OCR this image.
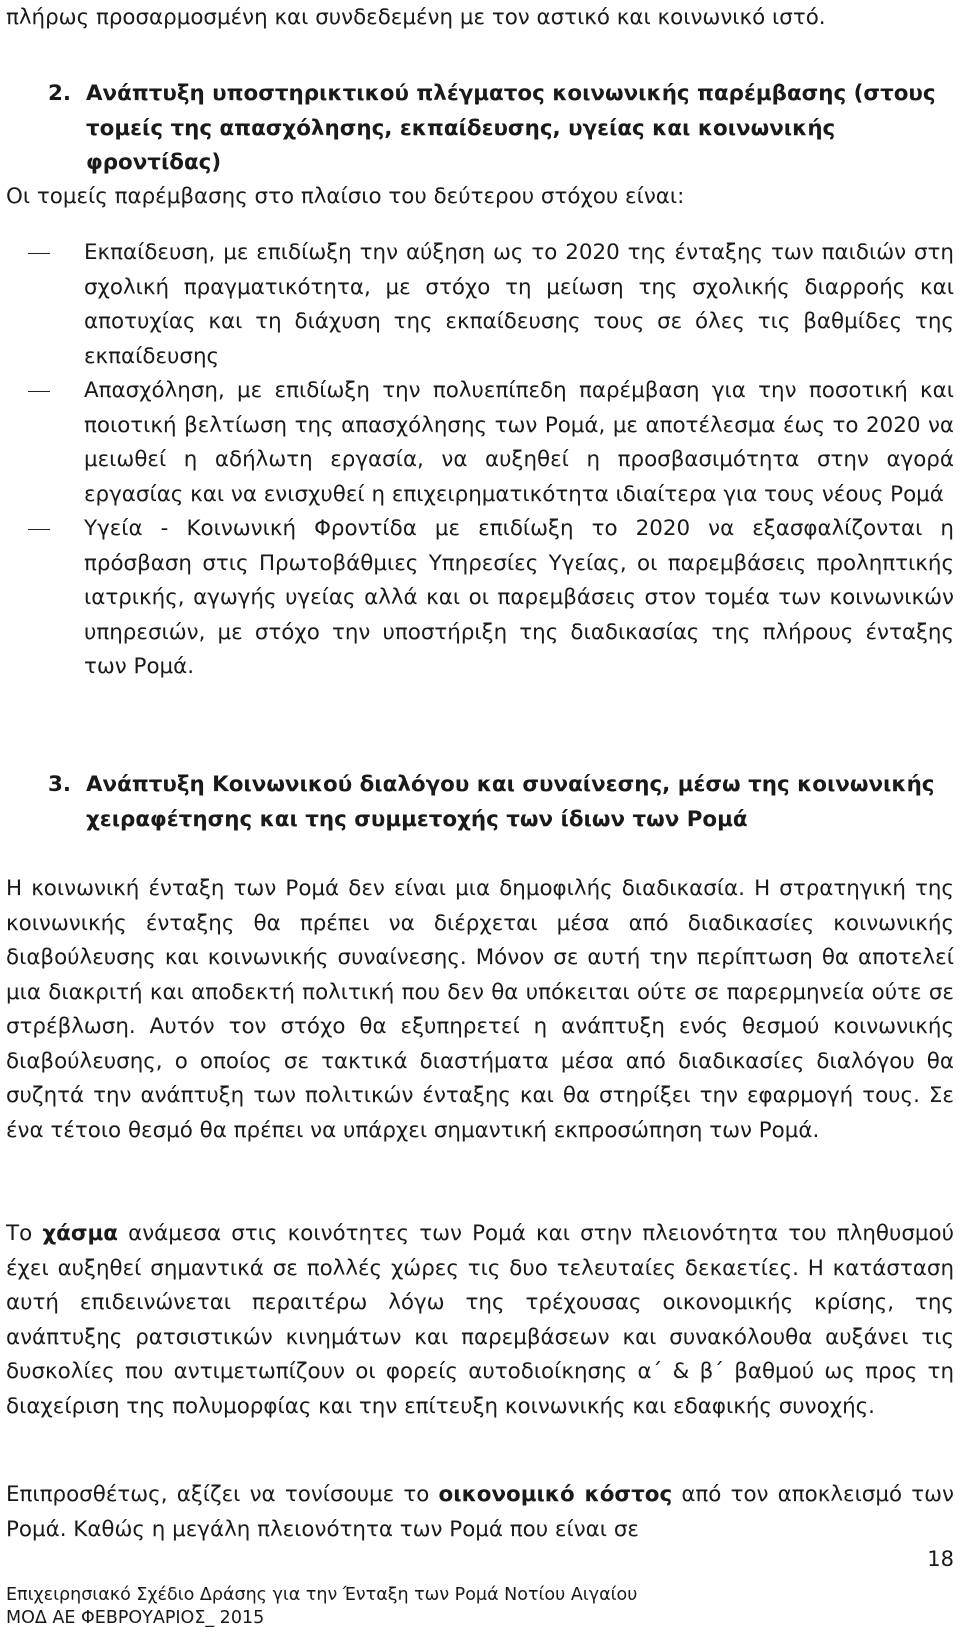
πλήρως προσαρμοσμένη και συνδεδεμένη με τον αστικό και κοινωνικό ιστό.
2. Ανάπτυξη υποστηρικτικού πλέγματος κοινωνικής παρέμβασης (στους τομείς της απασχόλησης, εκπαίδευσης, υγείας και κοινωνικής φροντίδας)
Οι τομείς παρέμβασης στο πλαίσιο του δεύτερου στόχου είναι:
Εκπαίδευση, με επιδίωξη την αύξηση ως το 2020 της ένταξης των παιδιών στη σχολική πραγματικότητα, με στόχο τη μείωση της σχολικής διαρροής και αποτυχίας και τη διάχυση της εκπαίδευσης τους σε όλες τις βαθμίδες της εκπαίδευσης
Απασχόληση, με επιδίωξη την πολυεπίπεδη παρέμβαση για την ποσοτική και ποιοτική βελτίωση της απασχόλησης των Ρομά, με αποτέλεσμα έως το 2020 να μειωθεί η αδήλωτη εργασία, να αυξηθεί η προσβασιμότητα στην αγορά εργασίας και να ενισχυθεί η επιχειρηματικότητα ιδιαίτερα για τους νέους Ρομά
Υγεία - Κοινωνική Φροντίδα με επιδίωξη το 2020 να εξασφαλίζονται η πρόσβαση στις Πρωτοβάθμιες Υπηρεσίες Υγείας, οι παρεμβάσεις προληπτικής ιατρικής, αγωγής υγείας αλλά και οι παρεμβάσεις στον τομέα των κοινωνικών υπηρεσιών, με στόχο την υποστήριξη της διαδικασίας της πλήρους ένταξης των Ρομά.
3. Ανάπτυξη Κοινωνικού διαλόγου και συναίνεσης, μέσω της κοινωνικής χειραφέτησης και της συμμετοχής των ίδιων των Ρομά
Η κοινωνική ένταξη των Ρομά δεν είναι μια δημοφιλής διαδικασία. Η στρατηγική της κοινωνικής ένταξης θα πρέπει να διέρχεται μέσα από διαδικασίες κοινωνικής διαβούλευσης και κοινωνικής συναίνεσης. Μόνον σε αυτή την περίπτωση θα αποτελεί μια διακριτή και αποδεκτή πολιτική που δεν θα υπόκειται ούτε σε παρερμηνεία ούτε σε στρέβλωση. Αυτόν τον στόχο θα εξυπηρετεί η ανάπτυξη ενός θεσμού κοινωνικής διαβούλευσης, ο οποίος σε τακτικά διαστήματα μέσα από διαδικασίες διαλόγου θα συζητά την ανάπτυξη των πολιτικών ένταξης και θα στηρίξει την εφαρμογή τους. Σε ένα τέτοιο θεσμό θα πρέπει να υπάρχει σημαντική εκπροσώπηση των Ρομά.
Το χάσμα ανάμεσα στις κοινότητες των Ρομά και στην πλειονότητα του πληθυσμού έχει αυξηθεί σημαντικά σε πολλές χώρες τις δυο τελευταίες δεκαετίες. Η κατάσταση αυτή επιδεινώνεται περαιτέρω λόγω της τρέχουσας οικονομικής κρίσης, της ανάπτυξης ρατσιστικών κινημάτων και παρεμβάσεων και συνακόλουθα αυξάνει τις δυσκολίες που αντιμετωπίζουν οι φορείς αυτοδιοίκησης α΄ & β΄ βαθμού ως προς τη διαχείριση της πολυμορφίας και την επίτευξη κοινωνικής και εδαφικής συνοχής.
Επιπροσθέτως, αξίζει να τονίσουμε το οικονομικό κόστος από τον αποκλεισμό των Ρομά. Καθώς η μεγάλη πλειονότητα των Ρομά που είναι σε
18
Επιχειρησιακό Σχέδιο Δράσης για την Ένταξη των Ρομά Νοτίου Αιγαίου
ΜΟΔ ΑΕ ΦΕΒΡΟΥΑΡΙΟΣ_ 2015
